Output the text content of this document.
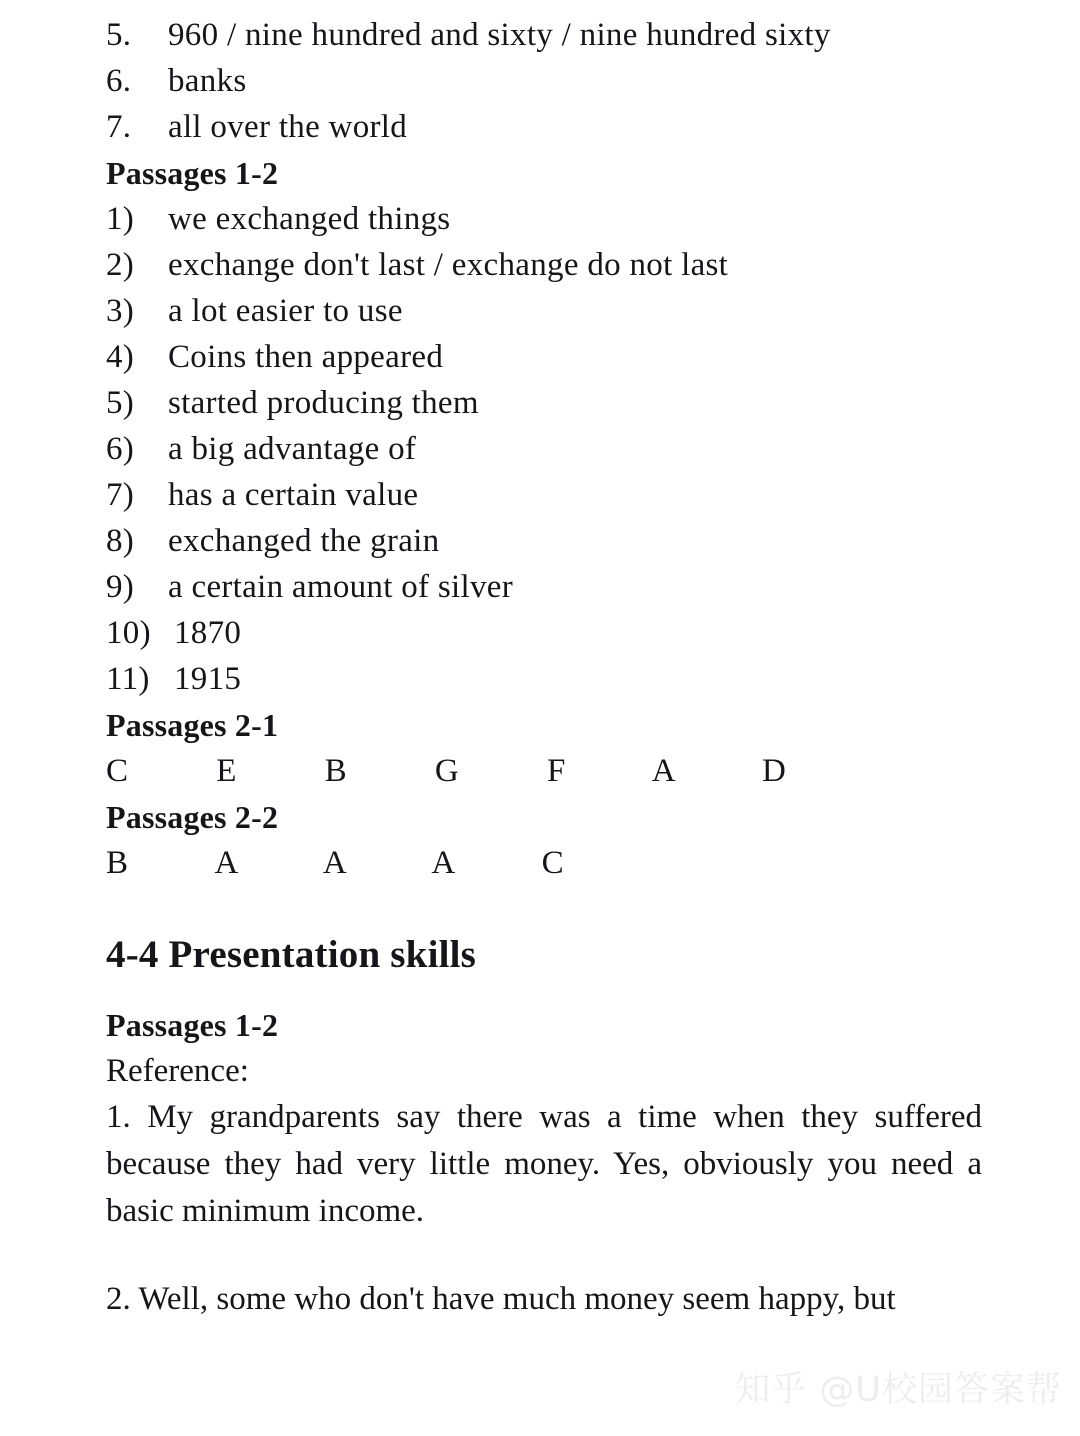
5.	960 / nine hundred and sixty / nine hundred sixty
6.	banks
7.	all over the world
Passages 1-2
1)	we exchanged things
2)	exchange don't last / exchange do not last
3)	a lot easier to use
4)	Coins then appeared
5)	started producing them
6)	a big advantage of
7)	has a certain value
8)	exchanged the grain
9)	a certain amount of silver
10) 1870
11) 1915
Passages 2-1
C E B G F A D
Passages 2-2
B A A A C
4-4 Presentation skills
Passages 1-2
Reference:

1. My grandparents say there was a time when they suffered because they had very little money. Yes, obviously you need a basic minimum income.

2. Well, some who don't have much money seem happy, but

知乎 @U校园答案帮
